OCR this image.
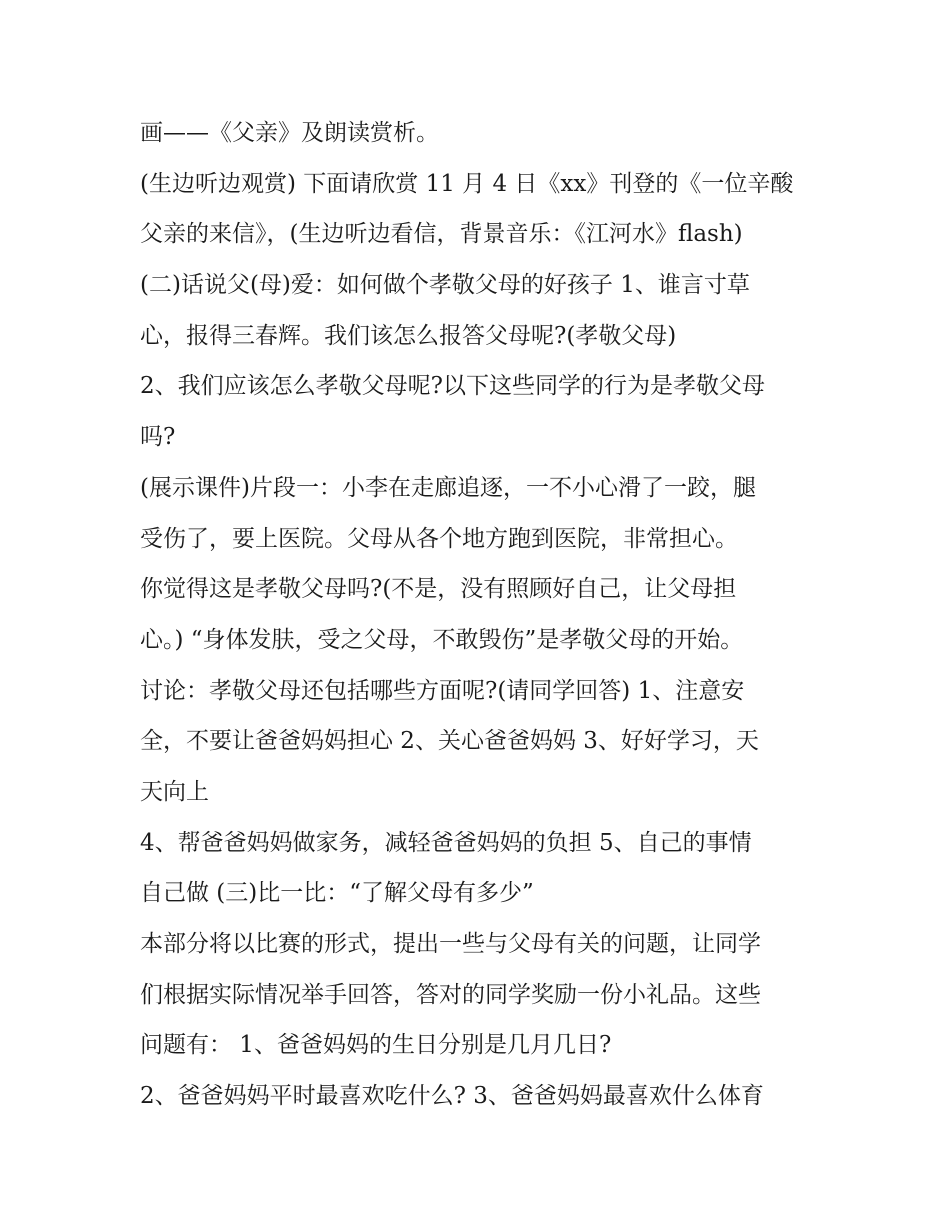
画——《父亲》及朗读赏析。
(生边听边观赏) 下面请欣赏 11 月 4 日《xx》刊登的《一位辛酸
父亲的来信》，(生边听边看信，背景音乐：《江河水》flash)
(二)话说父(母)爱：如何做个孝敬父母的好孩子 1、谁言寸草
心，报得三春辉。我们该怎么报答父母呢?(孝敬父母)
2、我们应该怎么孝敬父母呢?以下这些同学的行为是孝敬父母
吗?
(展示课件)片段一：小李在走廊追逐，一不小心滑了一跤，腿
受伤了，要上医院。父母从各个地方跑到医院，非常担心。
你觉得这是孝敬父母吗?(不是，没有照顾好自己，让父母担
心。) “身体发肤，受之父母，不敢毁伤”是孝敬父母的开始。
讨论：孝敬父母还包括哪些方面呢?(请同学回答) 1、注意安
全，不要让爸爸妈妈担心 2、关心爸爸妈妈 3、好好学习，天
天向上
4、帮爸爸妈妈做家务，减轻爸爸妈妈的负担 5、自己的事情
自己做 (三)比一比：“了解父母有多少”
本部分将以比赛的形式，提出一些与父母有关的问题，让同学
们根据实际情况举手回答，答对的同学奖励一份小礼品。这些
问题有： 1、爸爸妈妈的生日分别是几月几日?
2、爸爸妈妈平时最喜欢吃什么? 3、爸爸妈妈最喜欢什么体育
